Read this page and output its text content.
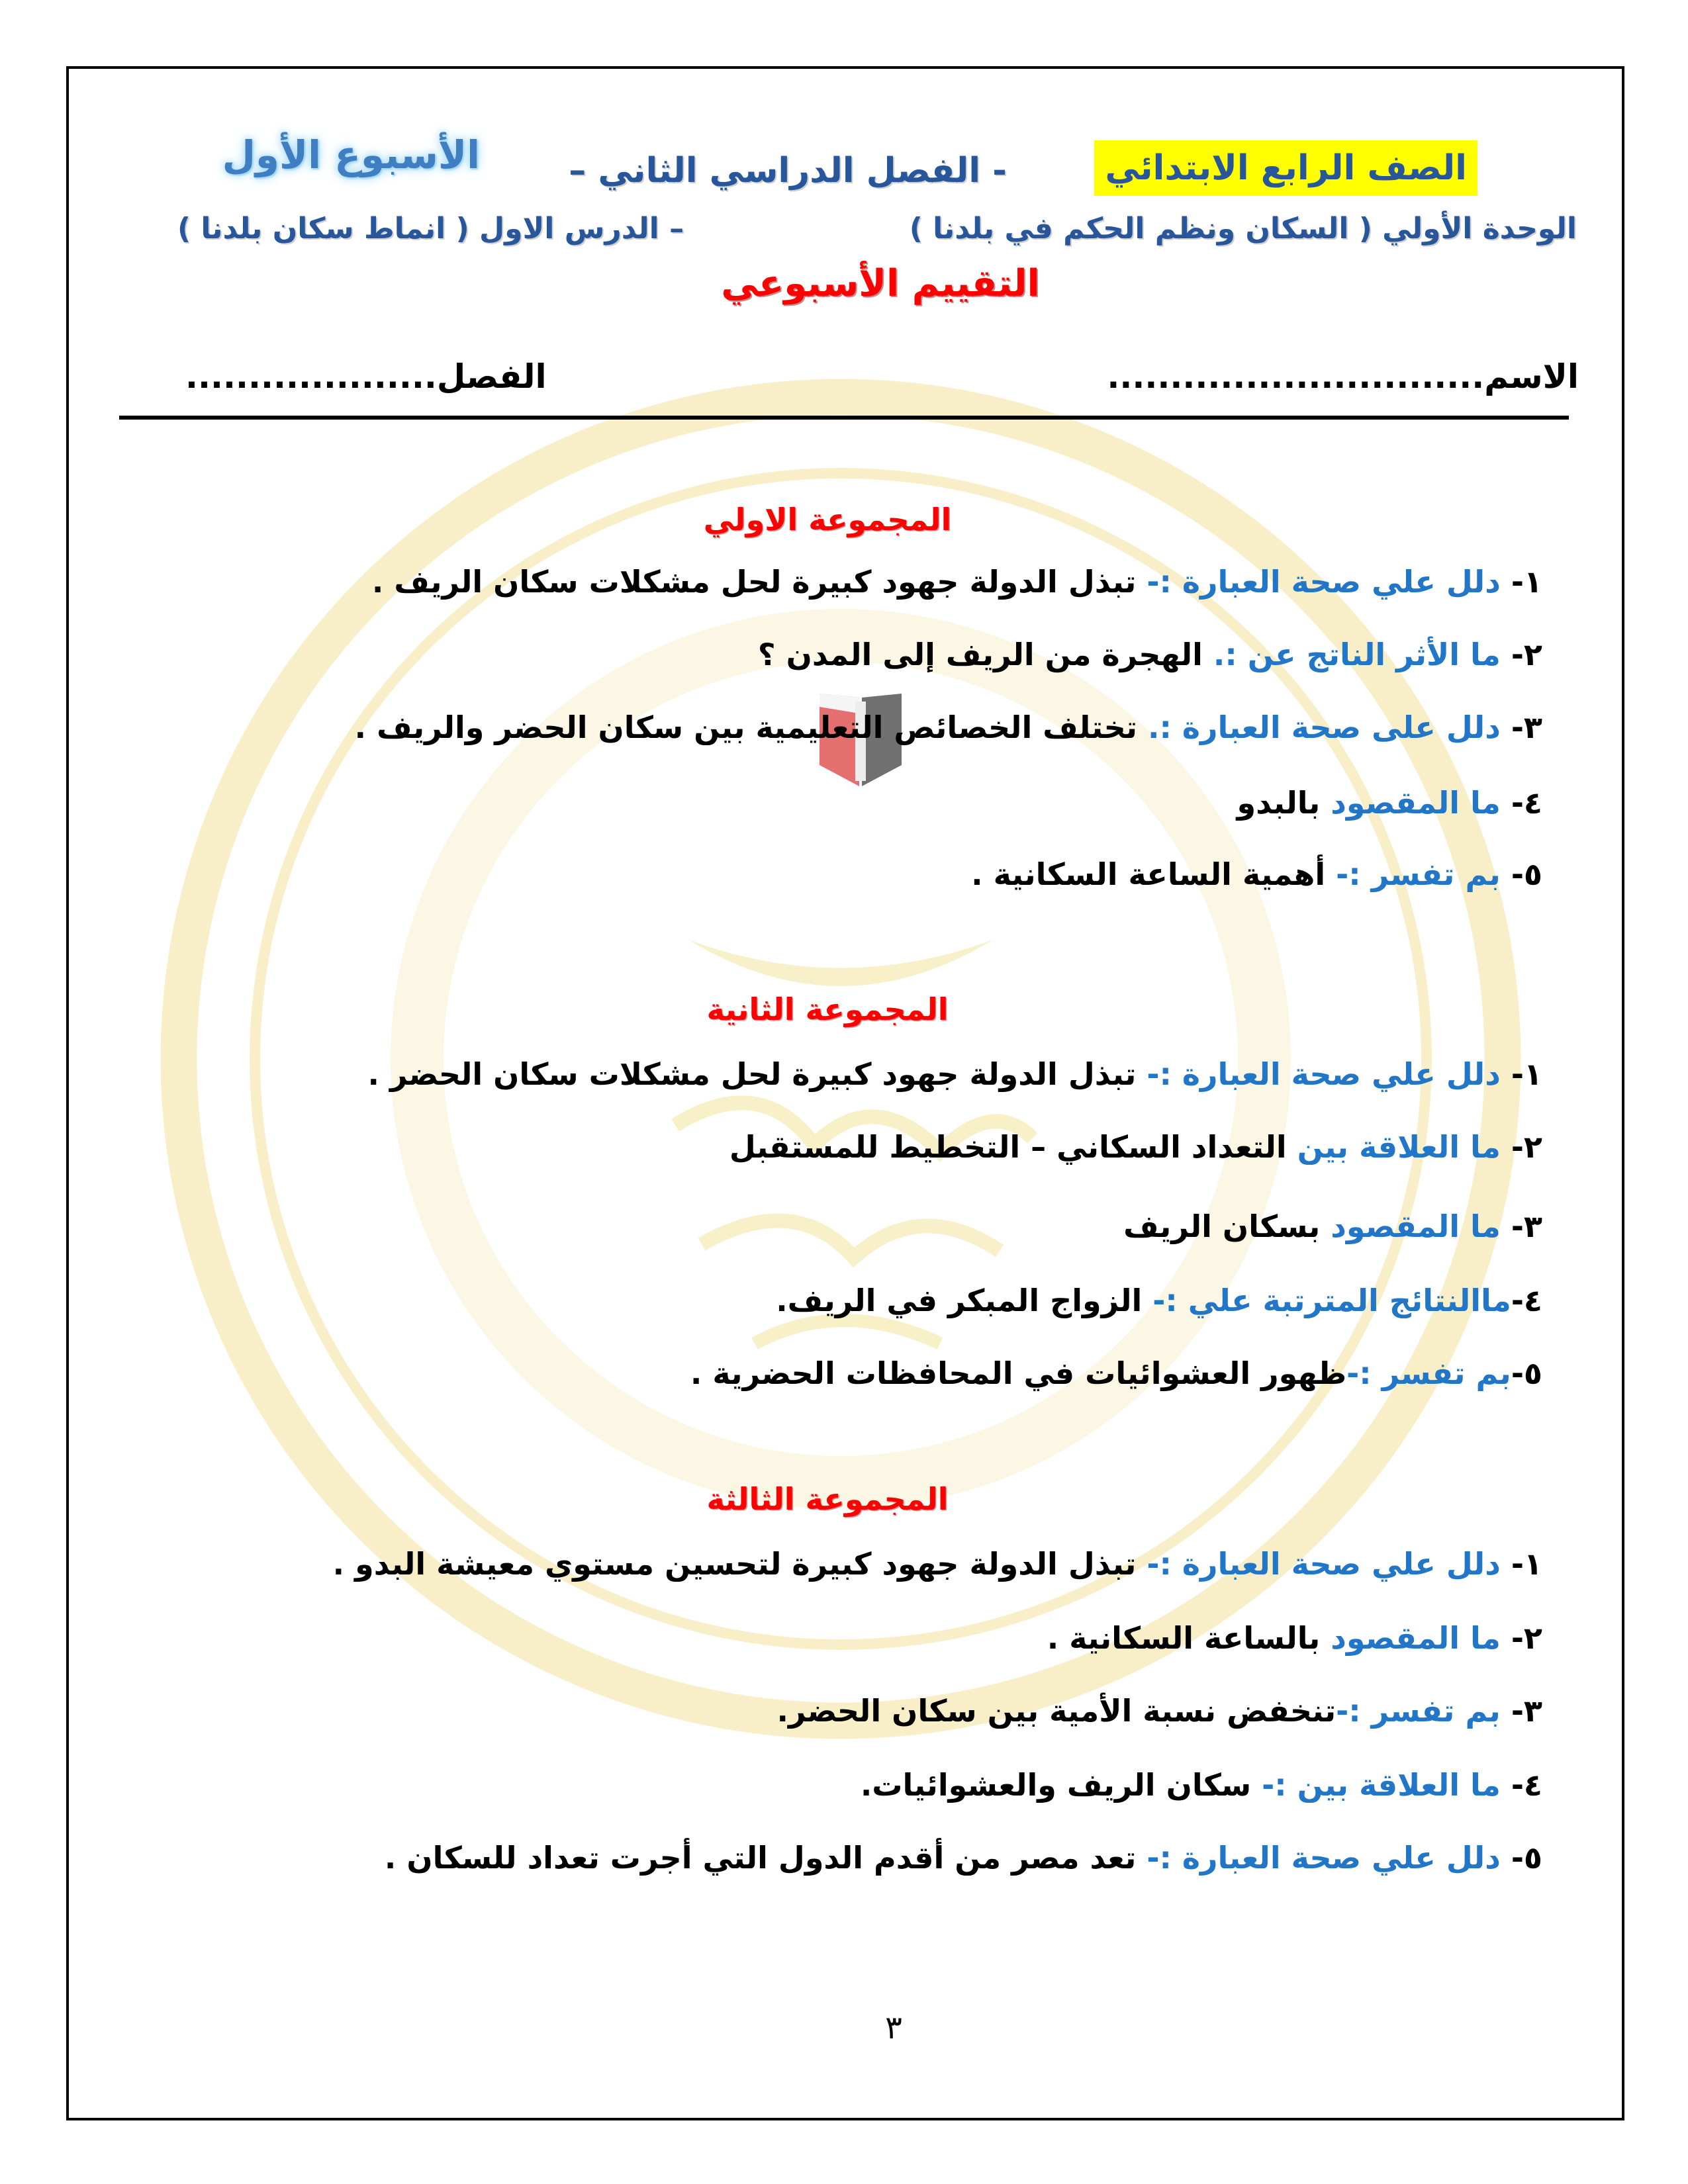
الصف الرابع الابتدائي
- الفصل الدراسي الثاني –
الأسبوع الأول
الوحدة الأولي ( السكان ونظم الحكم في بلدنا )
– الدرس الاول ( انماط سكان بلدنا )
التقييم الأسبوعي
الاسم..............................
الفصل....................
المجموعة الاولي
١- دلل علي صحة العبارة :- تبذل الدولة جهود كبيرة لحل مشكلات سكان الريف .
٢- ما الأثر الناتج عن :. الهجرة من الريف إلى المدن ؟
٣- دلل على صحة العبارة :. تختلف الخصائص التعليمية بين سكان الحضر والريف .
٤- ما المقصود بالبدو
٥- بم تفسر :- أهمية الساعة السكانية .
المجموعة الثانية
١- دلل علي صحة العبارة :- تبذل الدولة جهود كبيرة لحل مشكلات سكان الحضر .
٢- ما العلاقة بين التعداد السكاني – التخطيط للمستقبل
٣- ما المقصود بسكان الريف
٤-ماالنتائج المترتبة علي :- الزواج المبكر في الريف.
٥-بم تفسر :-ظهور العشوائيات في المحافظات الحضرية .
المجموعة الثالثة
١- دلل علي صحة العبارة :- تبذل الدولة جهود كبيرة لتحسين مستوي معيشة البدو .
٢- ما المقصود بالساعة السكانية .
٣- بم تفسر :-تنخفض نسبة الأمية بين سكان الحضر.
٤- ما العلاقة بين :- سكان الريف والعشوائيات.
٥- دلل علي صحة العبارة :- تعد مصر من أقدم الدول التي أجرت تعداد للسكان .
٣
